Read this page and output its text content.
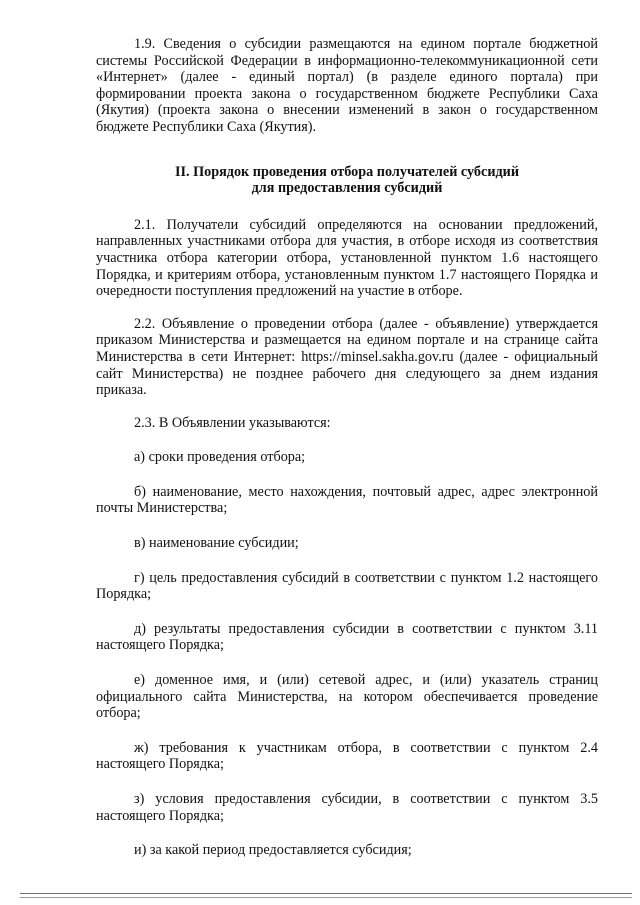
1.9. Сведения о субсидии размещаются на едином портале бюджетной системы Российской Федерации в информационно-телекоммуникационной сети «Интернет» (далее - единый портал) (в разделе единого портала) при формировании проекта закона о государственном бюджете Республики Саха (Якутия) (проекта закона о внесении изменений в закон о государственном бюджете Республики Саха (Якутия).

II. Порядок проведения отбора получателей субсидий
для предоставления субсидий

2.1. Получатели субсидий определяются на основании предложений, направленных участниками отбора для участия, в отборе исходя из соответствия участника отбора категории отбора, установленной пунктом 1.6 настоящего Порядка, и критериям отбора, установленным пунктом 1.7 настоящего Порядка и очередности поступления предложений на участие в отборе.

2.2. Объявление о проведении отбора (далее - объявление) утверждается приказом Министерства и размещается на едином портале и на странице сайта Министерства в сети Интернет: https://minsel.sakha.gov.ru (далее - официальный сайт Министерства) не позднее рабочего дня следующего за днем издания приказа.

2.3. В Объявлении указываются:

а) сроки проведения отбора;

б) наименование, место нахождения, почтовый адрес, адрес электронной почты Министерства;

в) наименование субсидии;

г) цель предоставления субсидий в соответствии с пунктом 1.2 настоящего Порядка;

д) результаты предоставления субсидии в соответствии с пунктом 3.11 настоящего Порядка;

е) доменное имя, и (или) сетевой адрес, и (или) указатель страниц официального сайта Министерства, на котором обеспечивается проведение отбора;

ж) требования к участникам отбора, в соответствии с пунктом 2.4 настоящего Порядка;

з) условия предоставления субсидии, в соответствии с пунктом 3.5 настоящего Порядка;

и) за какой период предоставляется субсидия;
